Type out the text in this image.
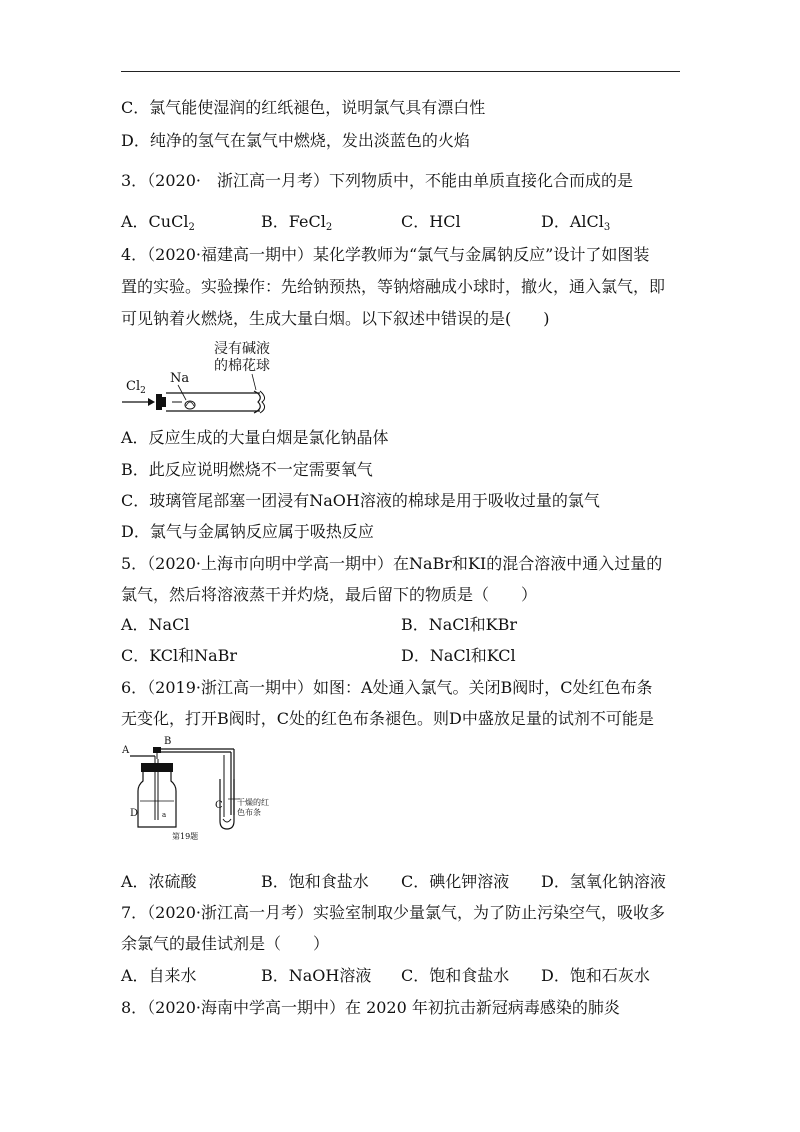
C．氯气能使湿润的红纸褪色，说明氯气具有漂白性
D．纯净的氢气在氯气中燃烧，发出淡蓝色的火焰
3．（2020·　浙江高一月考）下列物质中，不能由单质直接化合而成的是
A．CuCl$_2$	B．FeCl$_2$	C．HCl	D．AlCl$_3$
4．（2020·福建高一期中）某化学教师为“氯气与金属钠反应”设计了如图装
置的实验。实验操作：先给钠预热，等钠熔融成小球时，撤火，通入氯气，即
可见钠着火燃烧，生成大量白烟。以下叙述中错误的是(　　)
浸有碱液
的棉花球
Na
$Cl_2$
A．反应生成的大量白烟是氯化钠晶体
B．此反应说明燃烧不一定需要氧气
C．玻璃管尾部塞一团浸有NaOH溶液的棉球是用于吸收过量的氯气
D．氯气与金属钠反应属于吸热反应
5．（2020·上海市向明中学高一期中）在NaBr和KI的混合溶液中通入过量的
氯气，然后将溶液蒸干并灼烧，最后留下的物质是（　　）
A．NaCl	B．NaCl和KBr
C．KCl和NaBr	D．NaCl和KCl
6．（2019·浙江高一期中）如图：A处通入氯气。关闭B阀时，C处红色布条
无变化，打开B阀时，C处的红色布条褪色。则D中盛放足量的试剂不可能是
A
B
D
C 干燥的红
色布条
第19题
a
A．浓硫酸	B．饱和食盐水 C．碘化钾溶液 D．氢氧化钠溶液
7．（2020·浙江高一月考）实验室制取少量氯气，为了防止污染空气，吸收多
余氯气的最佳试剂是（　　）
A．自来水	B．NaOH溶液 C．饱和食盐水 D．饱和石灰水
8．（2020·海南中学高一期中）在 2020 年初抗击新冠病毒感染的肺炎
